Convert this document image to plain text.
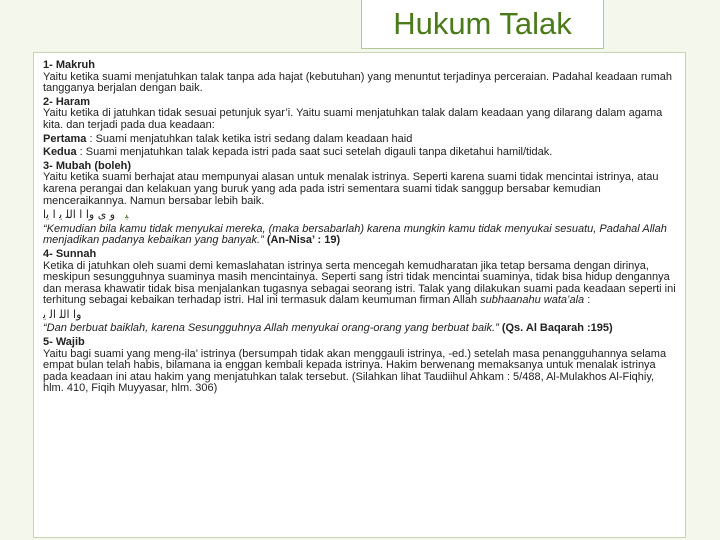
Hukum Talak

1- Makruh

Yaitu ketika suami menjatuhkan talak tanpa ada hajat (kebutuhan) yang menuntut terjadinya perceraian. Padahal keadaan rumah tangganya berjalan dengan baik.

2- Haram

Yaitu ketika di jatuhkan tidak sesuai petunjuk syar’i. Yaitu suami menjatuhkan talak dalam keadaan yang dilarang dalam agama kita. dan terjadi pada dua keadaan:

Pertama : Suami menjatuhkan talak ketika istri sedang dalam keadaan haid

Kedua : Suami menjatuhkan talak kepada istri pada saat suci setelah digauli tanpa diketahui hamil/tidak.

3- Mubah (boleh)

Yaitu ketika suami berhajat atau mempunyai alasan untuk menalak istrinya. Seperti karena suami tidak mencintai istrinya, atau karena perangai dan kelakuan yang buruk yang ada pada istri sementara suami tidak sanggup bersabar kemudian menceraikannya. Namun bersabar lebih baik.

ﻭ ﻯ ﻭﺍ ﺍ ﺍﻟﻠ ﻳ ﺍ ﻳﺍ ﻴ

“Kemudian bila kamu tidak menyukai mereka, (maka bersabarlah) karena mungkin kamu tidak menyukai sesuatu, Padahal Allah menjadikan padanya kebaikan yang banyak.” (An-Nisa’ : 19)

4- Sunnah

Ketika di jatuhkan oleh suami demi kemaslahatan istrinya serta mencegah kemudharatan jika tetap bersama dengan dirinya, meskipun sesungguhnya suaminya masih mencintainya. Seperti sang istri tidak mencintai suaminya, tidak bisa hidup dengannya dan merasa khawatir tidak bisa menjalankan tugasnya sebagai seorang istri. Talak yang dilakukan suami pada keadaan seperti ini terhitung sebagai kebaikan terhadap istri. Hal ini termasuk dalam keumuman firman Allah subhaanahu wata’ala :

ﻭﺍ ﺍﻟﻠ ﺍﻟ ﻳ

“Dan berbuat baiklah, karena Sesungguhnya Allah menyukai orang-orang yang berbuat baik.” (Qs. Al Baqarah :195)

5- Wajib

Yaitu bagi suami yang meng-ila’ istrinya (bersumpah tidak akan menggauli istrinya, -ed.) setelah masa penangguhannya selama empat bulan telah habis, bilamana ia enggan kembali kepada istrinya. Hakim berwenang memaksanya untuk menalak istrinya pada keadaan ini atau hakim yang menjatuhkan talak tersebut. (Silahkan lihat Taudiihul Ahkam : 5/488, Al-Mulakhos Al-Fiqhiy, hlm. 410, Fiqih Muyyasar, hlm. 306)
